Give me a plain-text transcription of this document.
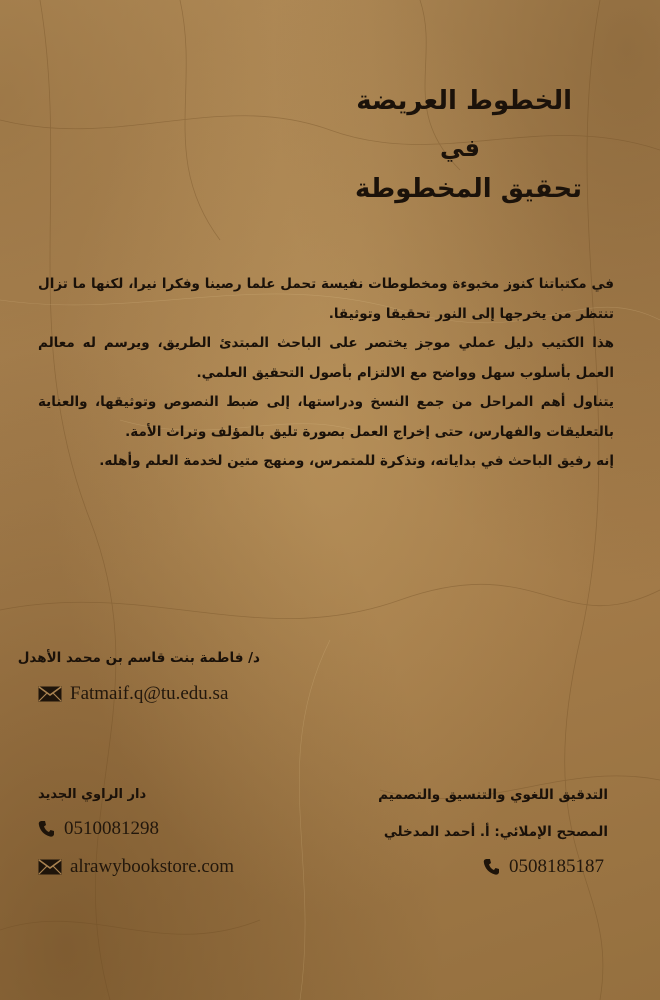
الخطوط العريضة
في
تحقيق المخطوطة

في مكتباتنا كنوز مخبوءة ومخطوطات نفيسة تحمل علما رصينا وفكرا نيرا، لكنها ما تزال تنتظر من يخرجها إلى النور تحقيقا وتوثيقا.

هذا الكتيب دليل عملي موجز يختصر على الباحث المبتدئ الطريق، ويرسم له معالم العمل بأسلوب سهل وواضح مع الالتزام بأصول التحقيق العلمي.

يتناول أهم المراحل من جمع النسخ ودراستها، إلى ضبط النصوص وتوثيقها، والعناية بالتعليقات والفهارس، حتى إخراج العمل بصورة تليق بالمؤلف وتراث الأمة.

إنه رفيق الباحث في بداياته، وتذكرة للمتمرس، ومنهج متين لخدمة العلم وأهله.

د/ فاطمة بنت قاسم بن محمد الأهدل
Fatmaif.q@tu.edu.sa
دار الراوي الجديد
0510081298
alrawybookstore.com
التدقيق اللغوي والتنسيق والتصميم
المصحح الإملائي: أ. أحمد المدخلي
0508185187
